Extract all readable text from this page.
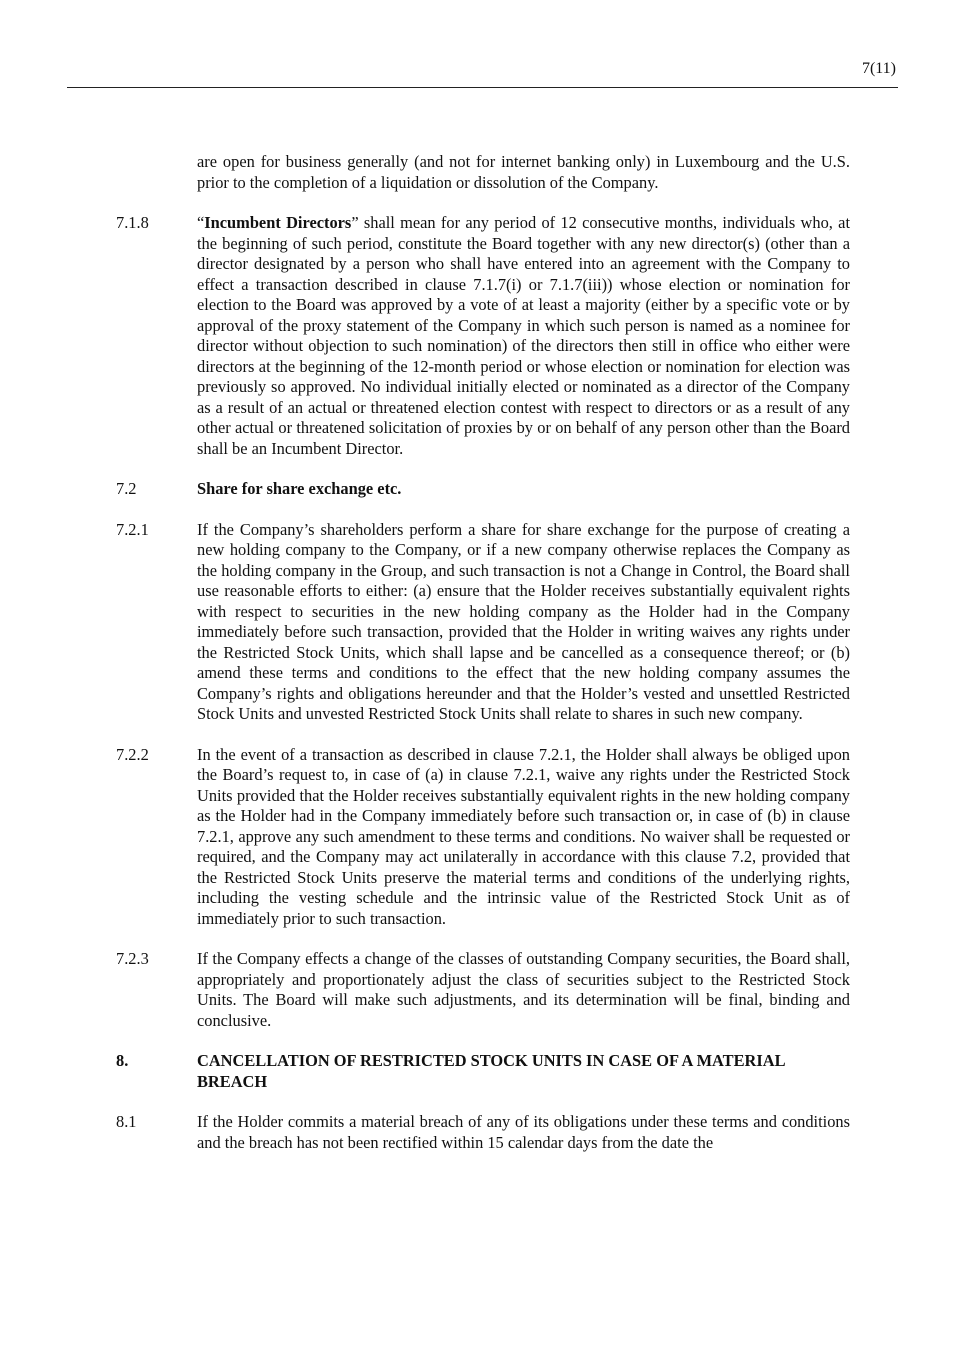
7(11)
are open for business generally (and not for internet banking only) in Luxembourg and the U.S. prior to the completion of a liquidation or dissolution of the Company.
7.1.8	“Incumbent Directors” shall mean for any period of 12 consecutive months, individuals who, at the beginning of such period, constitute the Board together with any new director(s) (other than a director designated by a person who shall have entered into an agreement with the Company to effect a transaction described in clause 7.1.7(i) or 7.1.7(iii)) whose election or nomination for election to the Board was approved by a vote of at least a majority (either by a specific vote or by approval of the proxy statement of the Company in which such person is named as a nominee for director without objection to such nomination) of the directors then still in office who either were directors at the beginning of the 12-month period or whose election or nomination for election was previously so approved. No individual initially elected or nominated as a director of the Company as a result of an actual or threatened election contest with respect to directors or as a result of any other actual or threatened solicitation of proxies by or on behalf of any person other than the Board shall be an Incumbent Director.
7.2	Share for share exchange etc.
7.2.1	If the Company’s shareholders perform a share for share exchange for the purpose of creating a new holding company to the Company, or if a new company otherwise replaces the Company as the holding company in the Group, and such transaction is not a Change in Control, the Board shall use reasonable efforts to either: (a) ensure that the Holder receives substantially equivalent rights with respect to securities in the new holding company as the Holder had in the Company immediately before such transaction, provided that the Holder in writing waives any rights under the Restricted Stock Units, which shall lapse and be cancelled as a consequence thereof; or (b) amend these terms and conditions to the effect that the new holding company assumes the Company’s rights and obligations hereunder and that the Holder’s vested and unsettled Restricted Stock Units and unvested Restricted Stock Units shall relate to shares in such new company.
7.2.2	In the event of a transaction as described in clause 7.2.1, the Holder shall always be obliged upon the Board’s request to, in case of (a) in clause 7.2.1, waive any rights under the Restricted Stock Units provided that the Holder receives substantially equivalent rights in the new holding company as the Holder had in the Company immediately before such transaction or, in case of (b) in clause 7.2.1, approve any such amendment to these terms and conditions. No waiver shall be requested or required, and the Company may act unilaterally in accordance with this clause 7.2, provided that the Restricted Stock Units preserve the material terms and conditions of the underlying rights, including the vesting schedule and the intrinsic value of the Restricted Stock Unit as of immediately prior to such transaction.
7.2.3	If the Company effects a change of the classes of outstanding Company securities, the Board shall, appropriately and proportionately adjust the class of securities subject to the Restricted Stock Units. The Board will make such adjustments, and its determination will be final, binding and conclusive.
8.	CANCELLATION OF RESTRICTED STOCK UNITS IN CASE OF A MATERIAL BREACH
8.1	If the Holder commits a material breach of any of its obligations under these terms and conditions and the breach has not been rectified within 15 calendar days from the date the
